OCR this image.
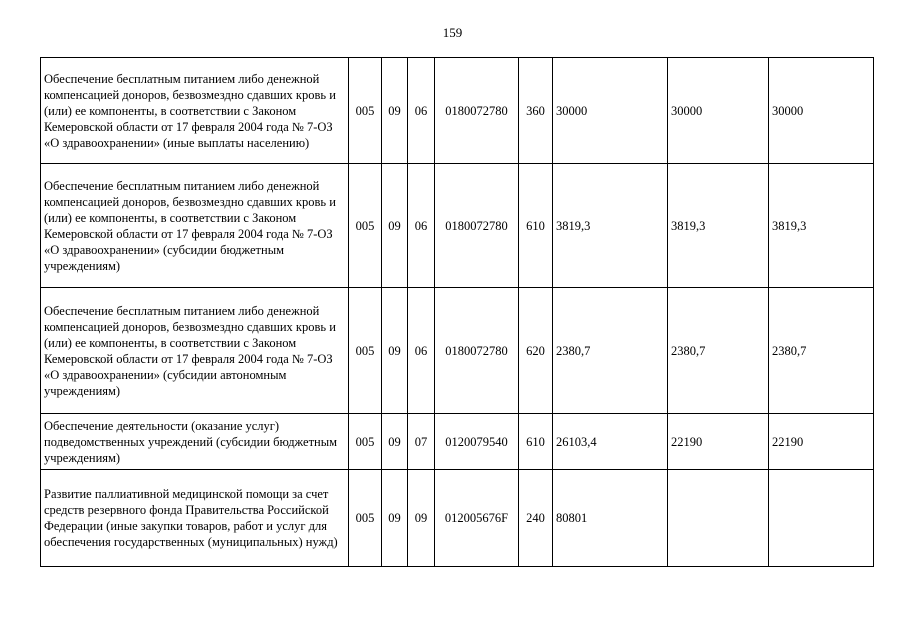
159
Обеспечение бесплатным питанием либо денежной компенсацией доноров, безвозмездно сдавших кровь и (или) ее компоненты, в соответствии с Законом Кемеровской области от 17 февраля 2004 года № 7-ОЗ «О здравоохранении» (иные выплаты населению)	005	09	06	0180072780	360	30000	30000	30000
Обеспечение бесплатным питанием либо денежной компенсацией доноров, безвозмездно сдавших кровь и (или) ее компоненты, в соответствии с Законом Кемеровской области от 17 февраля 2004 года № 7-ОЗ «О здравоохранении» (субсидии бюджетным учреждениям)	005	09	06	0180072780	610	3819,3	3819,3	3819,3
Обеспечение бесплатным питанием либо денежной компенсацией доноров, безвозмездно сдавших кровь и (или) ее компоненты, в соответствии с Законом Кемеровской области от 17 февраля 2004 года № 7-ОЗ «О здравоохранении» (субсидии автономным учреждениям)	005	09	06	0180072780	620	2380,7	2380,7	2380,7
Обеспечение деятельности (оказание услуг) подведомственных учреждений (субсидии бюджетным учреждениям)	005	09	07	0120079540	610	26103,4	22190	22190
Развитие паллиативной медицинской помощи за счет средств резервного фонда Правительства Российской Федерации (иные закупки товаров, работ и услуг для обеспечения государственных (муниципальных) нужд)	005	09	09	012005676F	240	80801		
